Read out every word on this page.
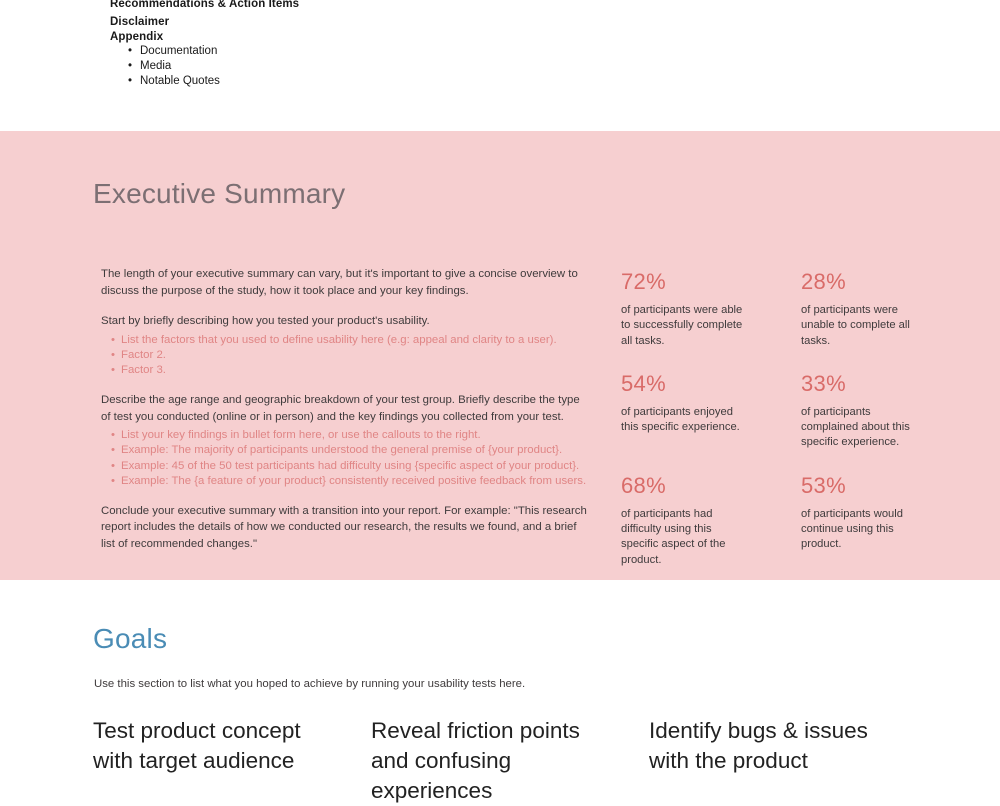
Recommendations & Action Items
Disclaimer
Appendix
• Documentation
• Media
• Notable Quotes
Executive Summary

The length of your executive summary can vary, but it's important to give a concise overview to discuss the purpose of the study, how it took place and your key findings.

Start by briefly describing how you tested your product's usability.

• List the factors that you used to define usability here (e.g: appeal and clarity to a user).
• Factor 2.
• Factor 3.

Describe the age range and geographic breakdown of your test group. Briefly describe the type of test you conducted (online or in person) and the key findings you collected from your test.

• List your key findings in bullet form here, or use the callouts to the right.
• Example: The majority of participants understood the general premise of {your product}.
• Example: 45 of the 50 test participants had difficulty using {specific aspect of your product}.
• Example: The {a feature of your product} consistently received positive feedback from users.

Conclude your executive summary with a transition into your report. For example: "This research report includes the details of how we conducted our research, the results we found, and a brief list of recommended changes."

72%
of participants were able to successfully complete all tasks.
28%
of participants were unable to complete all tasks.
54%
of participants enjoyed this specific experience.
33%
of participants complained about this specific experience.
68%
of participants had difficulty using this specific aspect of the product.
53%
of participants would continue using this product.
Goals

Use this section to list what you hoped to achieve by running your usability tests here.

Test product concept with target audience
Reveal friction points and confusing experiences
Identify bugs & issues with the product
